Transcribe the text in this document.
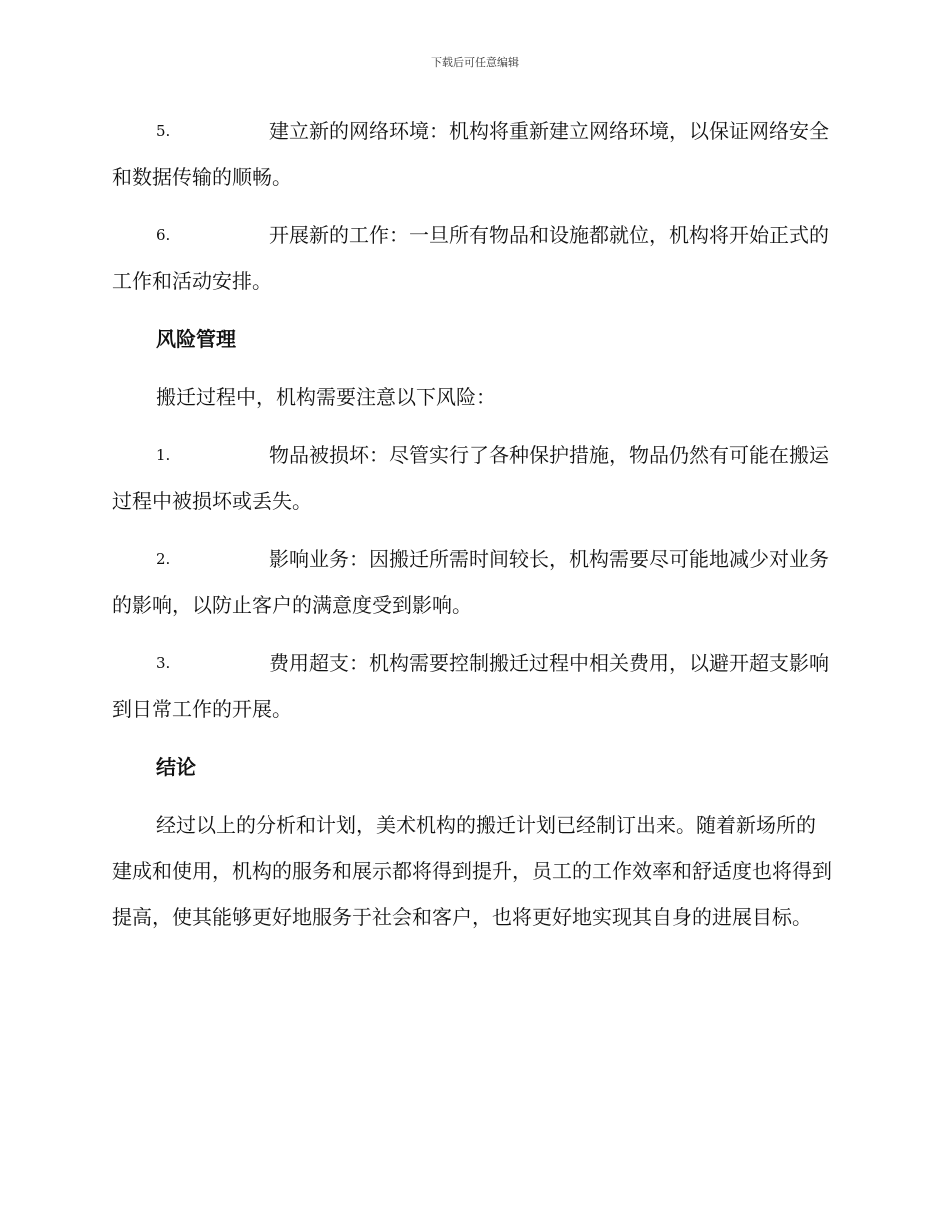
下载后可任意编辑

5.	建立新的网络环境：机构将重新建立网络环境，以保证网络安全和数据传输的顺畅。

6.	开展新的工作：一旦所有物品和设施都就位，机构将开始正式的工作和活动安排。

风险管理

搬迁过程中，机构需要注意以下风险：

1.	物品被损坏：尽管实行了各种保护措施，物品仍然有可能在搬运过程中被损坏或丢失。

2.	影响业务：因搬迁所需时间较长，机构需要尽可能地减少对业务的影响，以防止客户的满意度受到影响。

3.	费用超支：机构需要控制搬迁过程中相关费用，以避开超支影响到日常工作的开展。

结论

经过以上的分析和计划，美术机构的搬迁计划已经制订出来。随着新场所的建成和使用，机构的服务和展示都将得到提升，员工的工作效率和舒适度也将得到提高，使其能够更好地服务于社会和客户，也将更好地实现其自身的进展目标。
